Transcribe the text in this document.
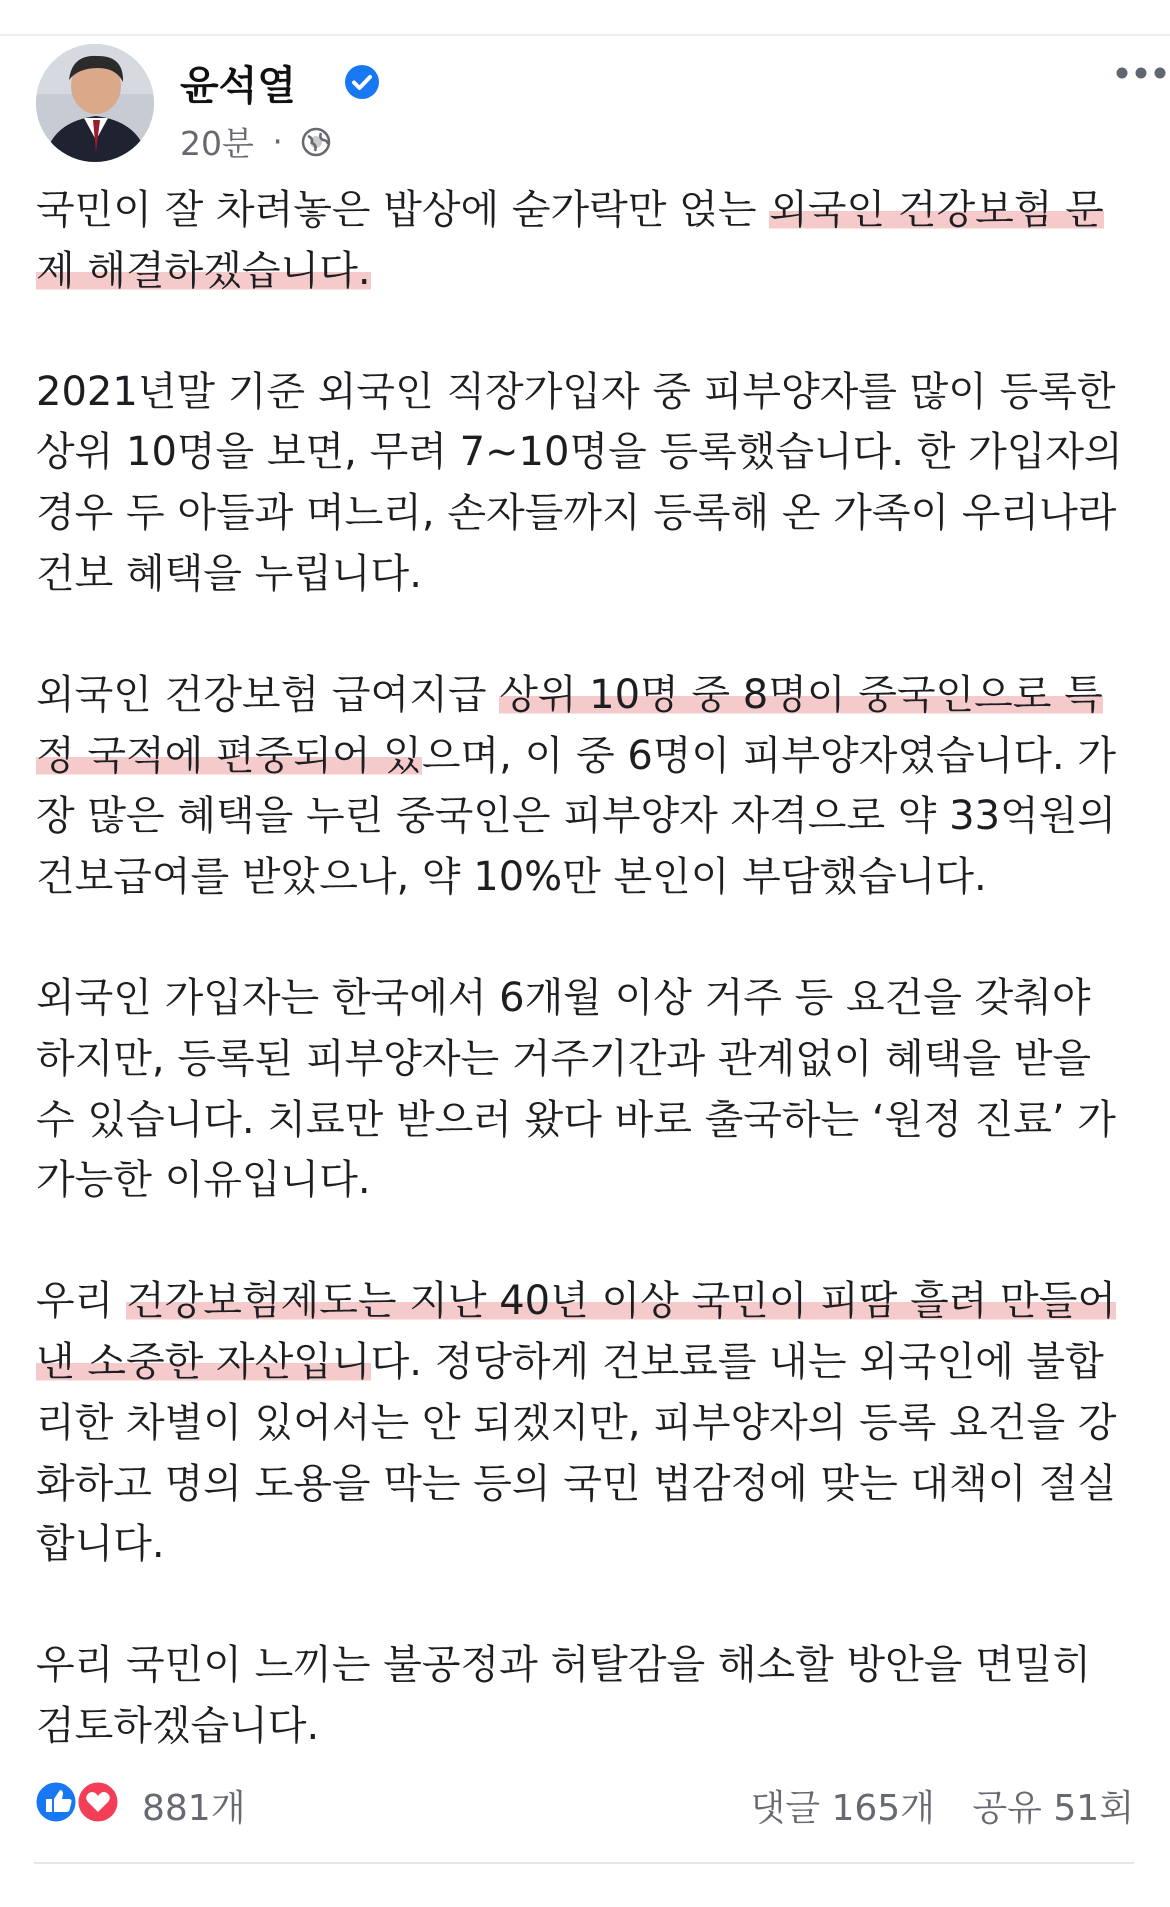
윤석열
20분 ·

국민이 잘 차려놓은 밥상에 숟가락만 얹는 외국인 건강보험 문제 해결하겠습니다.

2021년말 기준 외국인 직장가입자 중 피부양자를 많이 등록한 상위 10명을 보면, 무려 7~10명을 등록했습니다. 한 가입자의 경우 두 아들과 며느리, 손자들까지 등록해 온 가족이 우리나라 건보 혜택을 누립니다.

외국인 건강보험 급여지급 상위 10명 중 8명이 중국인으로 특정 국적에 편중되어 있으며, 이 중 6명이 피부양자였습니다. 가장 많은 혜택을 누린 중국인은 피부양자 자격으로 약 33억원의 건보급여를 받았으나, 약 10%만 본인이 부담했습니다.

외국인 가입자는 한국에서 6개월 이상 거주 등 요건을 갖춰야 하지만, 등록된 피부양자는 거주기간과 관계없이 혜택을 받을 수 있습니다. 치료만 받으러 왔다 바로 출국하는 ‘원정 진료’ 가 가능한 이유입니다.

우리 건강보험제도는 지난 40년 이상 국민이 피땀 흘려 만들어낸 소중한 자산입니다. 정당하게 건보료를 내는 외국인에 불합리한 차별이 있어서는 안 되겠지만, 피부양자의 등록 요건을 강화하고 명의 도용을 막는 등의 국민 법감정에 맞는 대책이 절실합니다.

우리 국민이 느끼는 불공정과 허탈감을 해소할 방안을 면밀히 검토하겠습니다.

881개	댓글 165개 공유 51회
